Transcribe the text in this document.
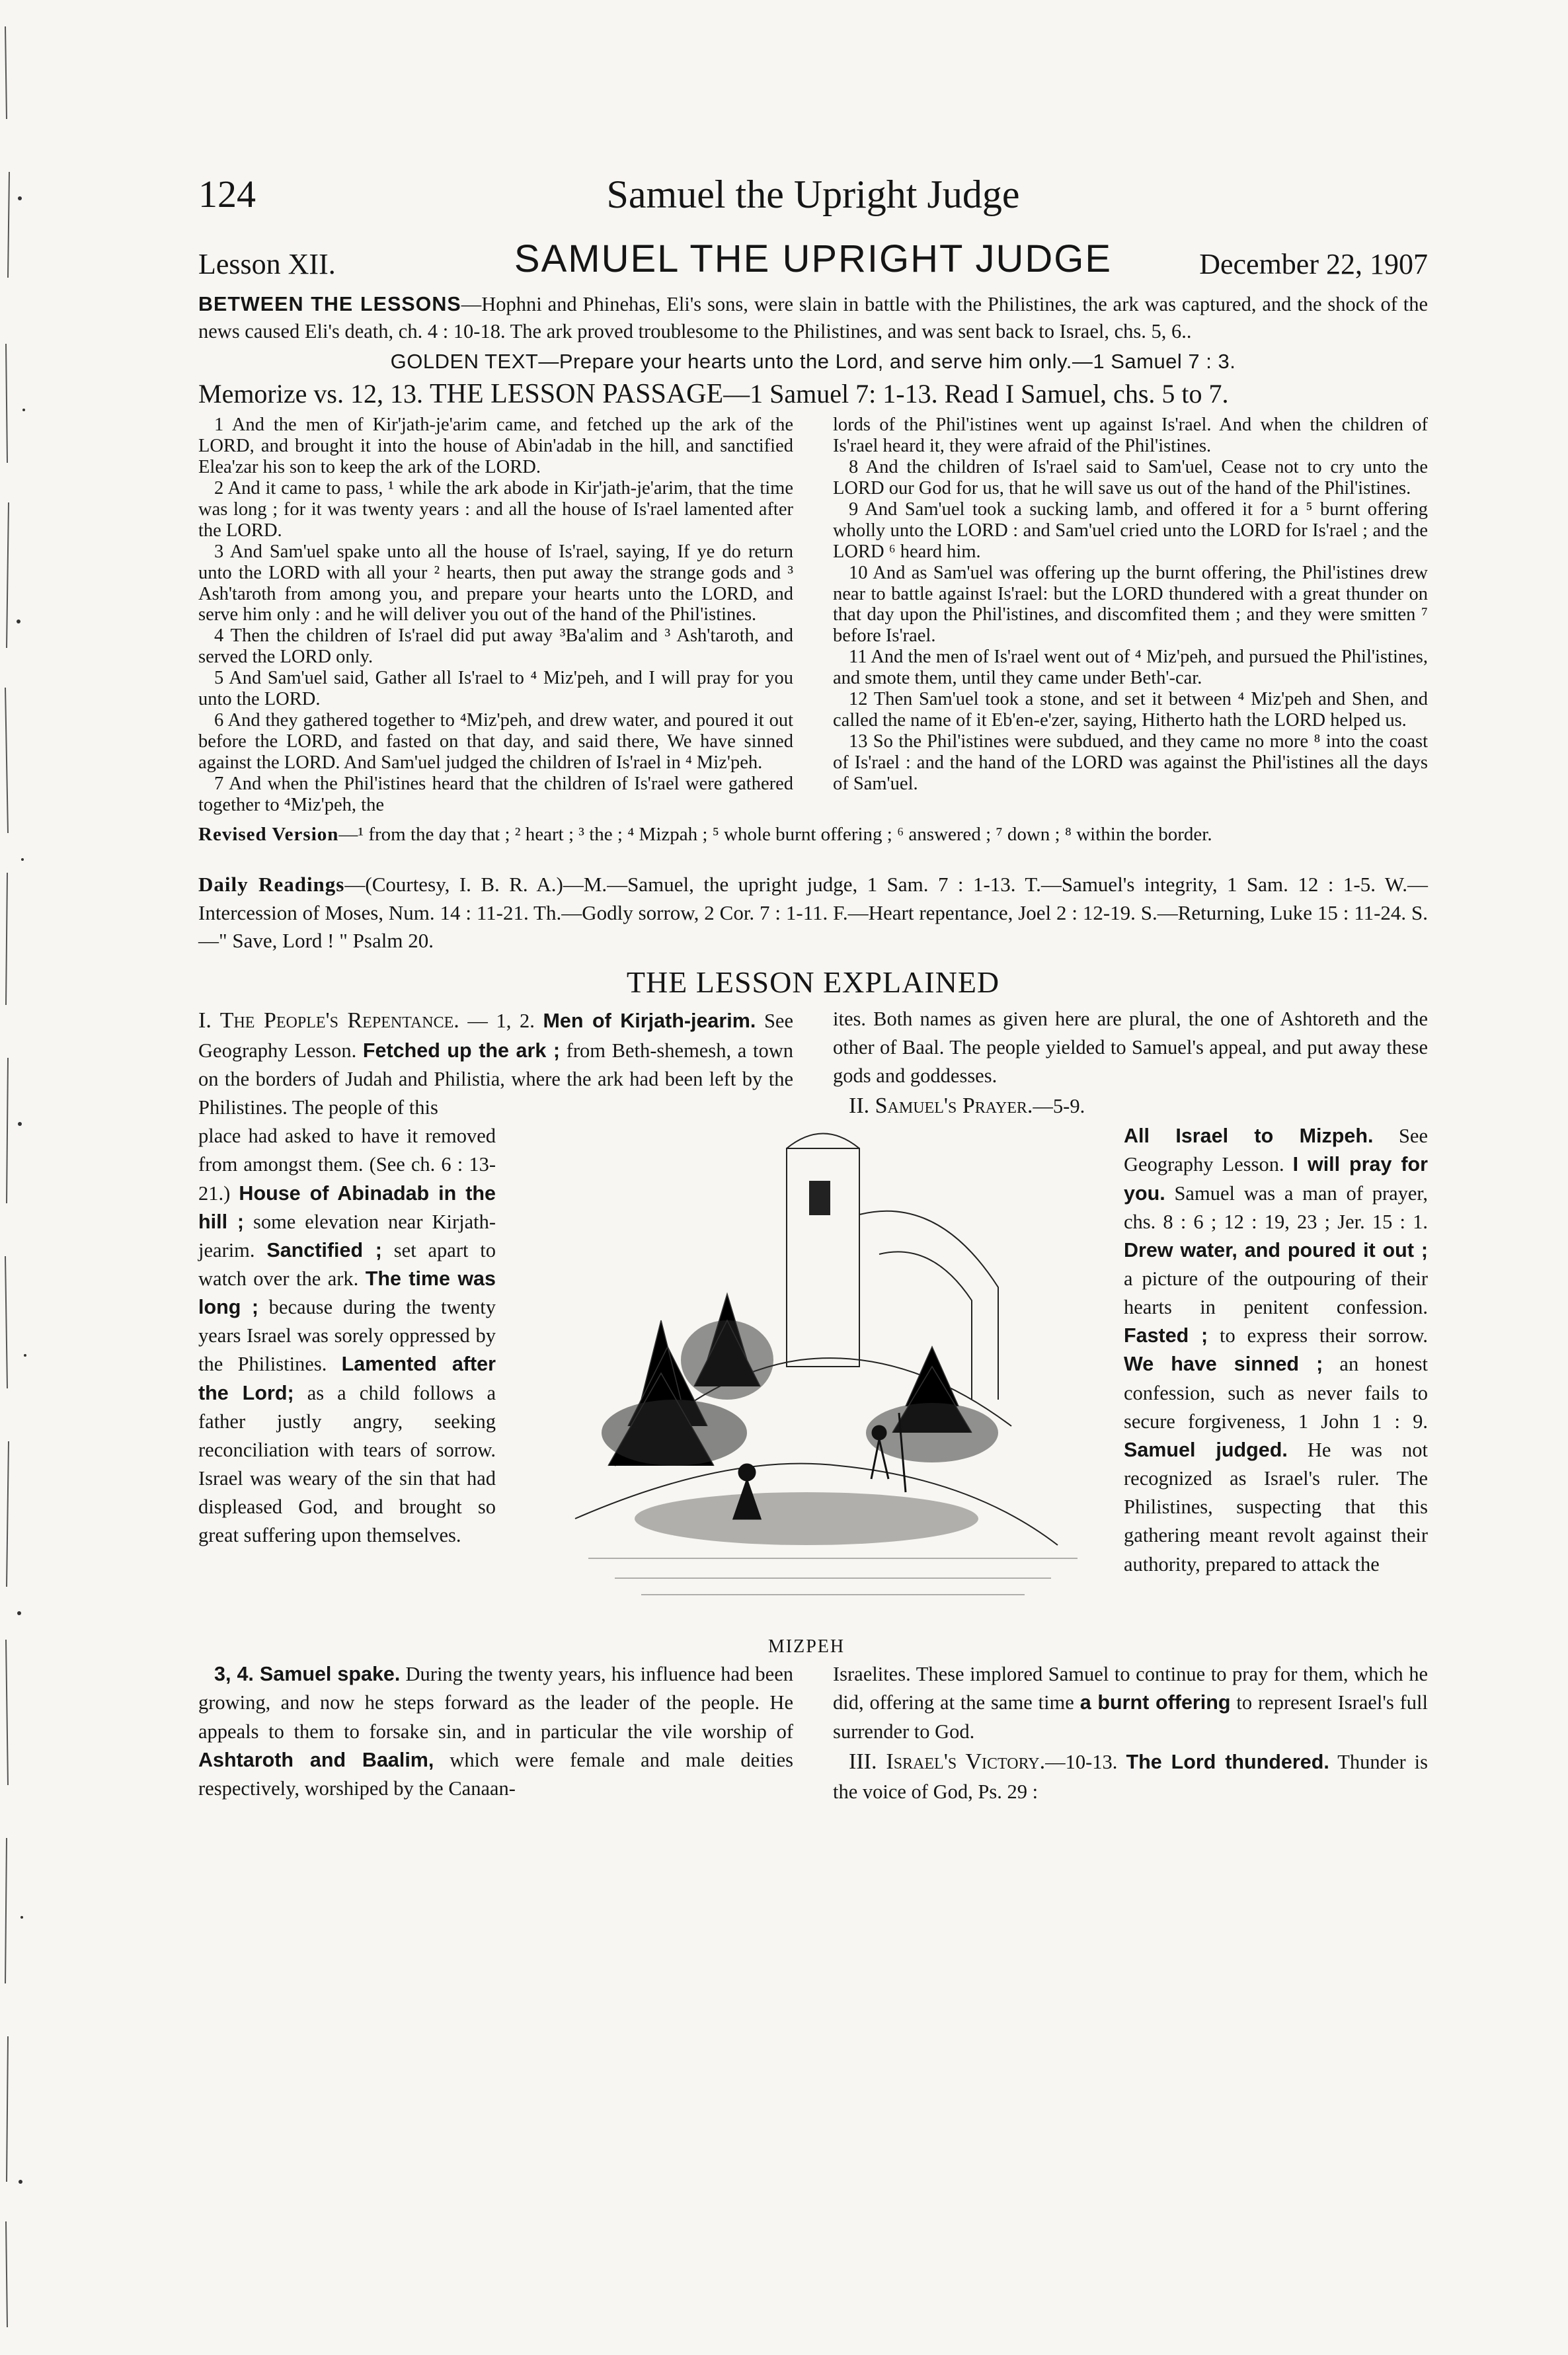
124	Samuel the Upright Judge
Lesson XII.	SAMUEL THE UPRIGHT JUDGE	December 22, 1907

BETWEEN THE LESSONS—Hophni and Phinehas, Eli's sons, were slain in battle with the Philistines, the ark was captured, and the shock of the news caused Eli's death, ch. 4 : 10-18. The ark proved troublesome to the Philistines, and was sent back to Israel, chs. 5, 6..

GOLDEN TEXT—Prepare your hearts unto the Lord, and serve him only.—1 Samuel 7 : 3.
Memorize vs. 12, 13. THE LESSON PASSAGE—1 Samuel 7: 1-13. Read I Samuel, chs. 5 to 7.

1 And the men of Kir'jath-je'arim came, and fetched up the ark of the LORD, and brought it into the house of Abin'adab in the hill, and sanctified Elea'zar his son to keep the ark of the LORD.

2 And it came to pass, ¹ while the ark abode in Kir'jath-je'arim, that the time was long ; for it was twenty years : and all the house of Is'rael lamented after the LORD.

3 And Sam'uel spake unto all the house of Is'rael, saying, If ye do return unto the LORD with all your ² hearts, then put away the strange gods and ³ Ash'taroth from among you, and prepare your hearts unto the LORD, and serve him only : and he will deliver you out of the hand of the Phil'istines.

4 Then the children of Is'rael did put away ³Ba'alim and ³ Ash'taroth, and served the LORD only.

5 And Sam'uel said, Gather all Is'rael to ⁴ Miz'peh, and I will pray for you unto the LORD.

6 And they gathered together to ⁴Miz'peh, and drew water, and poured it out before the LORD, and fasted on that day, and said there, We have sinned against the LORD. And Sam'uel judged the children of Is'rael in ⁴ Miz'peh.

7 And when the Phil'istines heard that the children of Is'rael were gathered together to ⁴Miz'peh, the

lords of the Phil'istines went up against Is'rael. And when the children of Is'rael heard it, they were afraid of the Phil'istines.

8 And the children of Is'rael said to Sam'uel, Cease not to cry unto the LORD our God for us, that he will save us out of the hand of the Phil'istines.

9 And Sam'uel took a sucking lamb, and offered it for a ⁵ burnt offering wholly unto the LORD : and Sam'uel cried unto the LORD for Is'rael ; and the LORD ⁶ heard him.

10 And as Sam'uel was offering up the burnt offering, the Phil'istines drew near to battle against Is'rael: but the LORD thundered with a great thunder on that day upon the Phil'istines, and discomfited them ; and they were smitten ⁷ before Is'rael.

11 And the men of Is'rael went out of ⁴ Miz'peh, and pursued the Phil'istines, and smote them, until they came under Beth'-car.

12 Then Sam'uel took a stone, and set it between ⁴ Miz'peh and Shen, and called the name of it Eb'en-e'zer, saying, Hitherto hath the LORD helped us.

13 So the Phil'istines were subdued, and they came no more ⁸ into the coast of Is'rael : and the hand of the LORD was against the Phil'istines all the days of Sam'uel.

Revised Version—¹ from the day that ; ² heart ; ³ the ; ⁴ Mizpah ; ⁵ whole burnt offering ; ⁶ answered ; ⁷ down ; ⁸ within the border.
Daily Readings—(Courtesy, I. B. R. A.)—M.—Samuel, the upright judge, 1 Sam. 7 : 1-13. T.—Samuel's integrity, 1 Sam. 12 : 1-5. W.—Intercession of Moses, Num. 14 : 11-21. Th.—Godly sorrow, 2 Cor. 7 : 1-11. F.—Heart repentance, Joel 2 : 12-19. S.—Returning, Luke 15 : 11-24. S.—" Save, Lord ! " Psalm 20.
THE LESSON EXPLAINED

I. The People's Repentance. — 1, 2. Men of Kirjath-jearim. See Geography Lesson. Fetched up the ark ; from Beth-shemesh, a town on the borders of Judah and Philistia, where the ark had been left by the Philistines. The people of this

ites. Both names as given here are plural, the one of Ashtoreth and the other of Baal. The people yielded to Samuel's appeal, and put away these gods and goddesses.

II. Samuel's Prayer.—5-9.

place had asked to have it removed from amongst them. (See ch. 6 : 13-21.) House of Abinadab in the hill ; some elevation near Kirjath-jearim. Sanctified ; set apart to watch over the ark. The time was long ; because during the twenty years Israel was sorely oppressed by the Philistines. Lamented after the Lord; as a child follows a father justly angry, seeking reconciliation with tears of sorrow. Israel was weary of the sin that had displeased God, and brought so great suffering upon themselves.

MIZPEH

All Israel to Mizpeh. See Geography Lesson. I will pray for you. Samuel was a man of prayer, chs. 8 : 6 ; 12 : 19, 23 ; Jer. 15 : 1. Drew water, and poured it out ; a picture of the outpouring of their hearts in penitent confession. Fasted ; to express their sorrow. We have sinned ; an honest confession, such as never fails to secure forgiveness, 1 John 1 : 9. Samuel judged. He was not recognized as Israel's ruler. The Philistines, suspecting that this gathering meant revolt against their authority, prepared to attack the

3, 4. Samuel spake. During the twenty years, his influence had been growing, and now he steps forward as the leader of the people. He appeals to them to forsake sin, and in particular the vile worship of Ashtaroth and Baalim, which were female and male deities respectively, worshiped by the Canaan-

Israelites. These implored Samuel to continue to pray for them, which he did, offering at the same time a burnt offering to represent Israel's full surrender to God.

III. Israel's Victory.—10-13. The Lord thundered. Thunder is the voice of God, Ps. 29 :
